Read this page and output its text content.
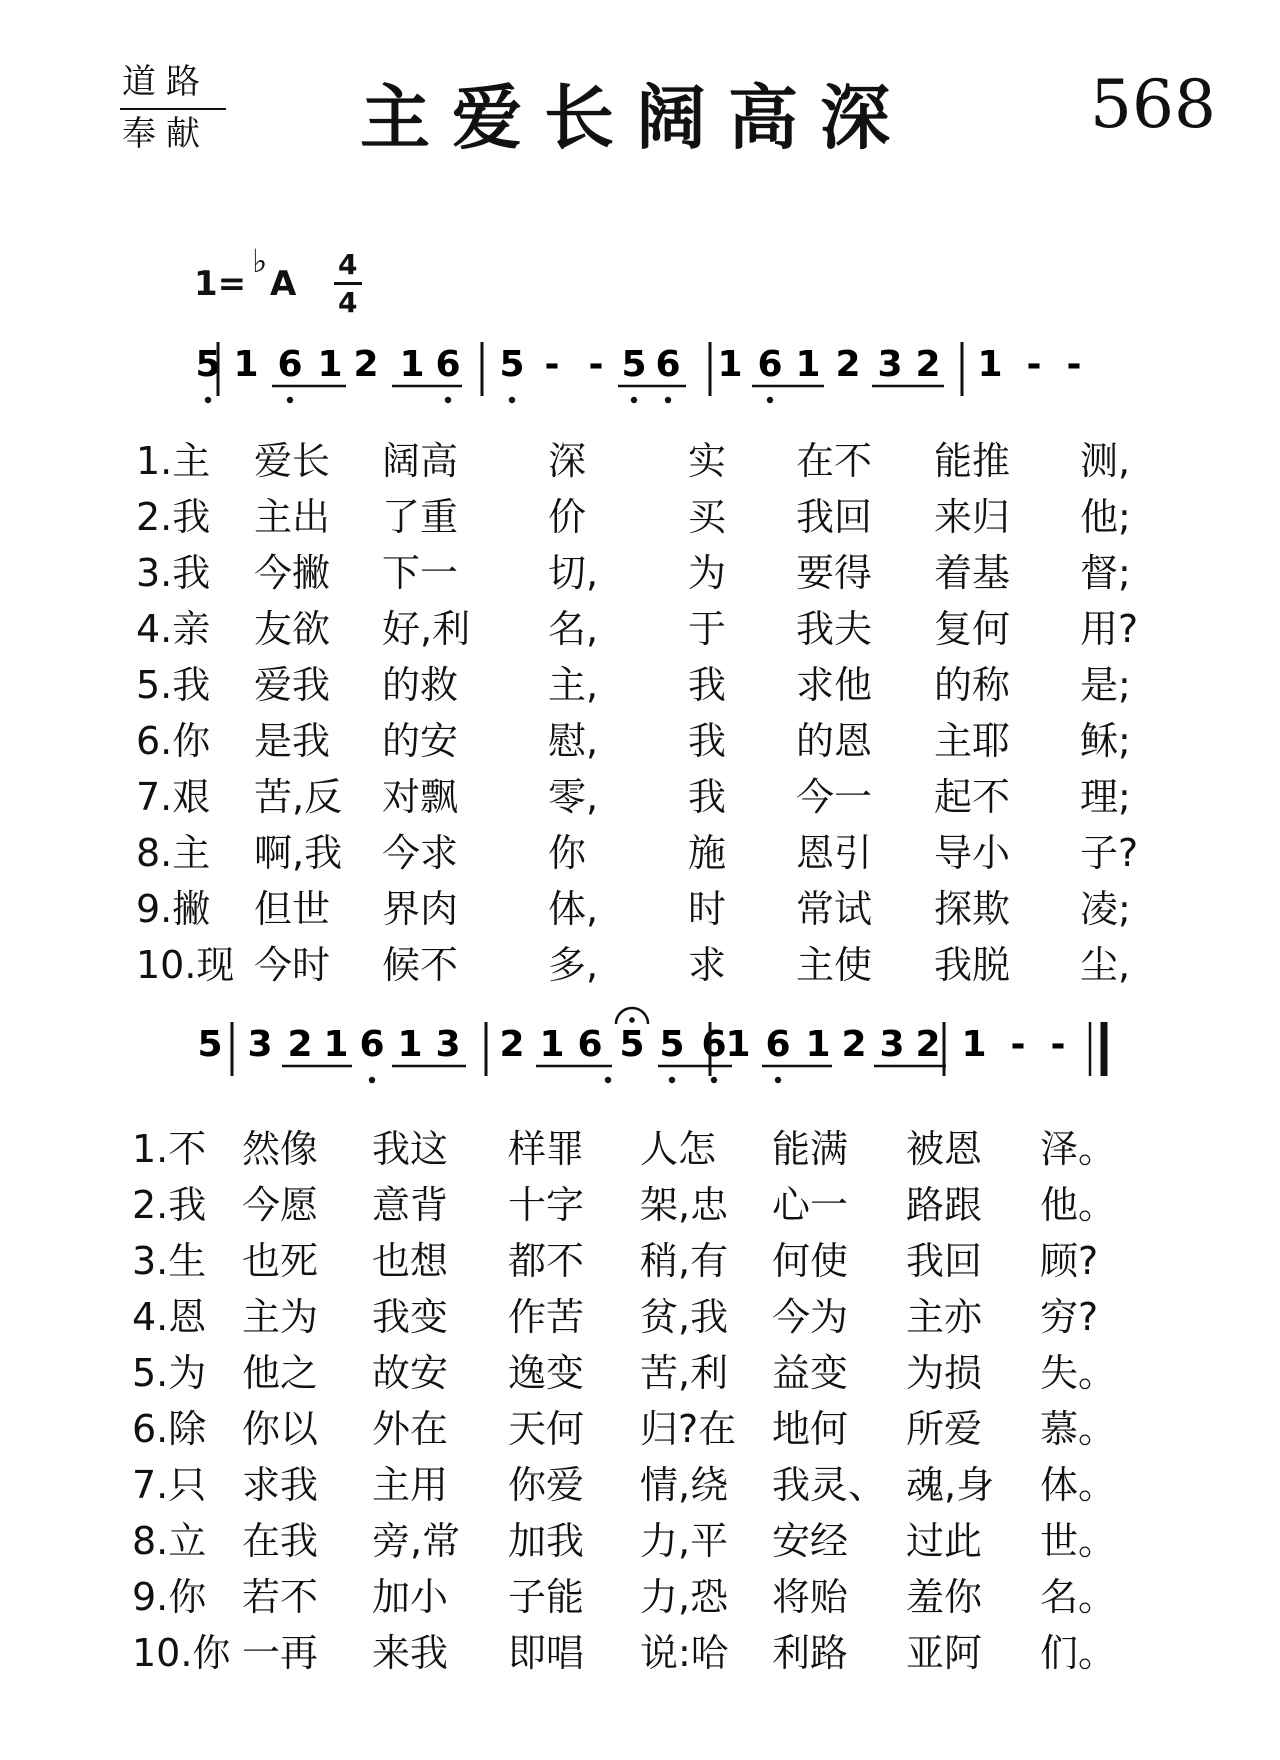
道路
奉献 主爱长阔高深	568
1=
♭
A 4
4
5 1 6 1 2 1 6 5 - - 5 6 1 6 1 2 3 2 1 - -
1.主 爱长 阔高 深	实 在不 能推 测,
2.我 主出 了重 价	买 我回 来归 他;
3.我 今撇 下一 切, 为 要得 着基 督;
4.亲 友欲 好,利 名, 于 我夫 复何 用?
5.我 爱我 的救 主, 我 求他 的称 是;
6.你 是我 的安 慰, 我 的恩 主耶 稣;
7.艰 苦,反 对飘 零, 我 今一 起不 理;
8.主 啊,我 今求 你	施 恩引 导小 子?
9.撇 但世 界肉 体, 时 常试 探欺 凌;
10.现 今时 候不 多, 求 主使 我脱 尘,
5 3 2 1 6 1 3 2 1 6 5 5 6
1 6 1 2 3 2 1 - -
1.不 然像 我这 样罪 人怎 能满 被恩 泽。
2.我 今愿 意背 十字 架,忠 心一 路跟 他。
3.生 也死 也想 都不 稍,有 何使 我回 顾?
4.恩 主为 我变 作苦 贫,我 今为 主亦 穷?
5.为 他之 故安 逸变 苦,利 益变 为损 失。
6.除 你以 外在 天何 归?在 地何 所爱 慕。
7.只 求我 主用 你爱 情,绕 我灵、 魂,身 体。
8.立 在我 旁,常 加我 力,平 安经 过此 世。
9.你 若不 加小 子能 力,恐 将贻 羞你 名。
10.你 一再 来我 即唱 说:哈 利路 亚阿 们。
